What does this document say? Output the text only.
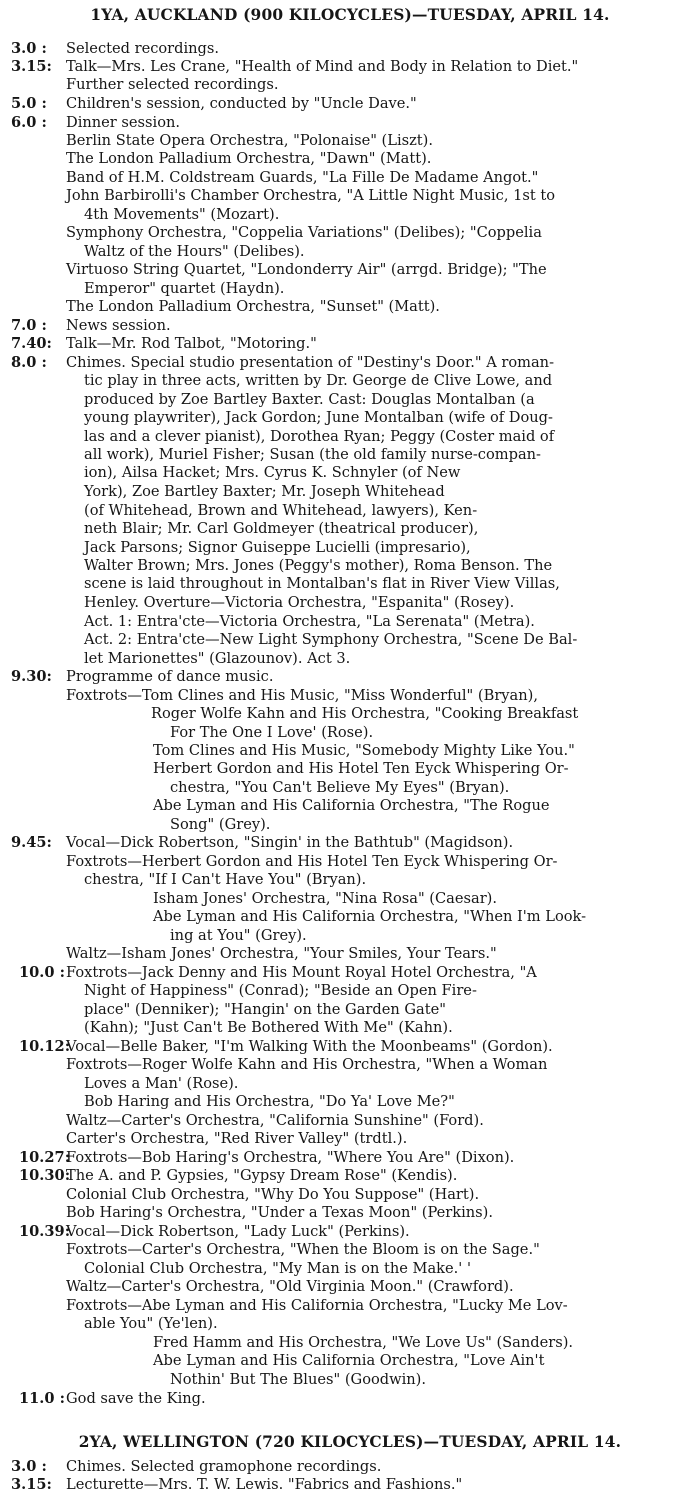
1YA, AUCKLAND (900 KILOCYCLES)—TUESDAY, APRIL 14.
2YA, WELLINGTON (720 KILOCYCLES)—TUESDAY, APRIL 14.
3.0 :	Selected recordings.
3.15: Talk—Mrs. Les Crane, "Health of Mind and Body in Relation to Diet."
Further selected recordings.
5.0 :	Children's session, conducted by "Uncle Dave."
6.0 :	Dinner session.
Berlin State Opera Orchestra, "Polonaise" (Liszt).
The London Palladium Orchestra, "Dawn" (Matt).
Band of H.M. Coldstream Guards, "La Fille De Madame Angot."
John Barbirolli's Chamber Orchestra, "A Little Night Music, 1st to
4th Movements" (Mozart).
Symphony Orchestra, "Coppelia Variations" (Delibes); "Coppelia
Waltz of the Hours" (Delibes).
Virtuoso String Quartet, "Londonderry Air" (arrgd. Bridge); "The
Emperor" quartet (Haydn).
The London Palladium Orchestra, "Sunset" (Matt).
7.0 :	News session.
7.40: Talk—Mr. Rod Talbot, "Motoring."
8.0 :	Chimes. Special studio presentation of "Destiny's Door." A roman-
tic play in three acts, written by Dr. George de Clive Lowe, and
produced by Zoe Bartley Baxter. Cast: Douglas Montalban (a
young playwriter), Jack Gordon; June Montalban (wife of Doug-
las and a clever pianist), Dorothea Ryan; Peggy (Coster maid of
all work), Muriel Fisher; Susan (the old family nurse-compan-
ion), Ailsa Hacket; Mrs. Cyrus K. Schnyler (of New
York), Zoe Bartley Baxter; Mr. Joseph Whitehead
(of Whitehead, Brown and Whitehead, lawyers), Ken-
neth Blair; Mr. Carl Goldmeyer (theatrical producer),
Jack Parsons; Signor Guiseppe Lucielli (impresario),
Walter Brown; Mrs. Jones (Peggy's mother), Roma Benson. The
scene is laid throughout in Montalban's flat in River View Villas,
Henley. Overture—Victoria Orchestra, "Espanita" (Rosey).
Act. 1: Entra'cte—Victoria Orchestra, "La Serenata" (Metra).
Act. 2: Entra'cte—New Light Symphony Orchestra, "Scene De Bal-
let Marionettes" (Glazounov). Act 3.
9.30: Programme of dance music.
Foxtrots—Tom Clines and His Music, "Miss Wonderful" (Bryan),
Roger Wolfe Kahn and His Orchestra, "Cooking Breakfast
For The One I Love' (Rose).
Tom Clines and His Music, "Somebody Mighty Like You."
Herbert Gordon and His Hotel Ten Eyck Whispering Or-
chestra, "You Can't Believe My Eyes" (Bryan).
Abe Lyman and His California Orchestra, "The Rogue
Song" (Grey).
9.45: Vocal—Dick Robertson, "Singin' in the Bathtub" (Magidson).
Foxtrots—Herbert Gordon and His Hotel Ten Eyck Whispering Or-
chestra, "If I Can't Have You" (Bryan).
Isham Jones' Orchestra, "Nina Rosa" (Caesar).
Abe Lyman and His California Orchestra, "When I'm Look-
ing at You" (Grey).
Waltz—Isham Jones' Orchestra, "Your Smiles, Your Tears."
10.0 : Foxtrots—Jack Denny and His Mount Royal Hotel Orchestra, "A
Night of Happiness" (Conrad); "Beside an Open Fire-
place" (Denniker); "Hangin' on the Garden Gate"
(Kahn); "Just Can't Be Bothered With Me" (Kahn).
10.12:
Vocal—Belle Baker, "I'm Walking With the Moonbeams" (Gordon).
Foxtrots—Roger Wolfe Kahn and His Orchestra, "When a Woman
Loves a Man' (Rose).
Bob Haring and His Orchestra, "Do Ya' Love Me?"
Waltz—Carter's Orchestra, "California Sunshine" (Ford).
Carter's Orchestra, "Red River Valley" (trdtl.).
10.27:
Foxtrots—Bob Haring's Orchestra, "Where You Are" (Dixon).
10.30:
The A. and P. Gypsies, "Gypsy Dream Rose" (Kendis).
Colonial Club Orchestra, "Why Do You Suppose" (Hart).
Bob Haring's Orchestra, "Under a Texas Moon" (Perkins).
10.39:
Vocal—Dick Robertson, "Lady Luck" (Perkins).
Foxtrots—Carter's Orchestra, "When the Bloom is on the Sage."
Colonial Club Orchestra, "My Man is on the Make.' '
Waltz—Carter's Orchestra, "Old Virginia Moon." (Crawford).
Foxtrots—Abe Lyman and His California Orchestra, "Lucky Me Lov-
able You" (Ye'len).
Fred Hamm and His Orchestra, "We Love Us" (Sanders).
Abe Lyman and His California Orchestra, "Love Ain't
Nothin' But The Blues" (Goodwin).
11.0 : God save the King.
3.0 :	Chimes. Selected gramophone recordings.
3.15: Lecturette—Mrs. T. W. Lewis. "Fabrics and Fashions."
